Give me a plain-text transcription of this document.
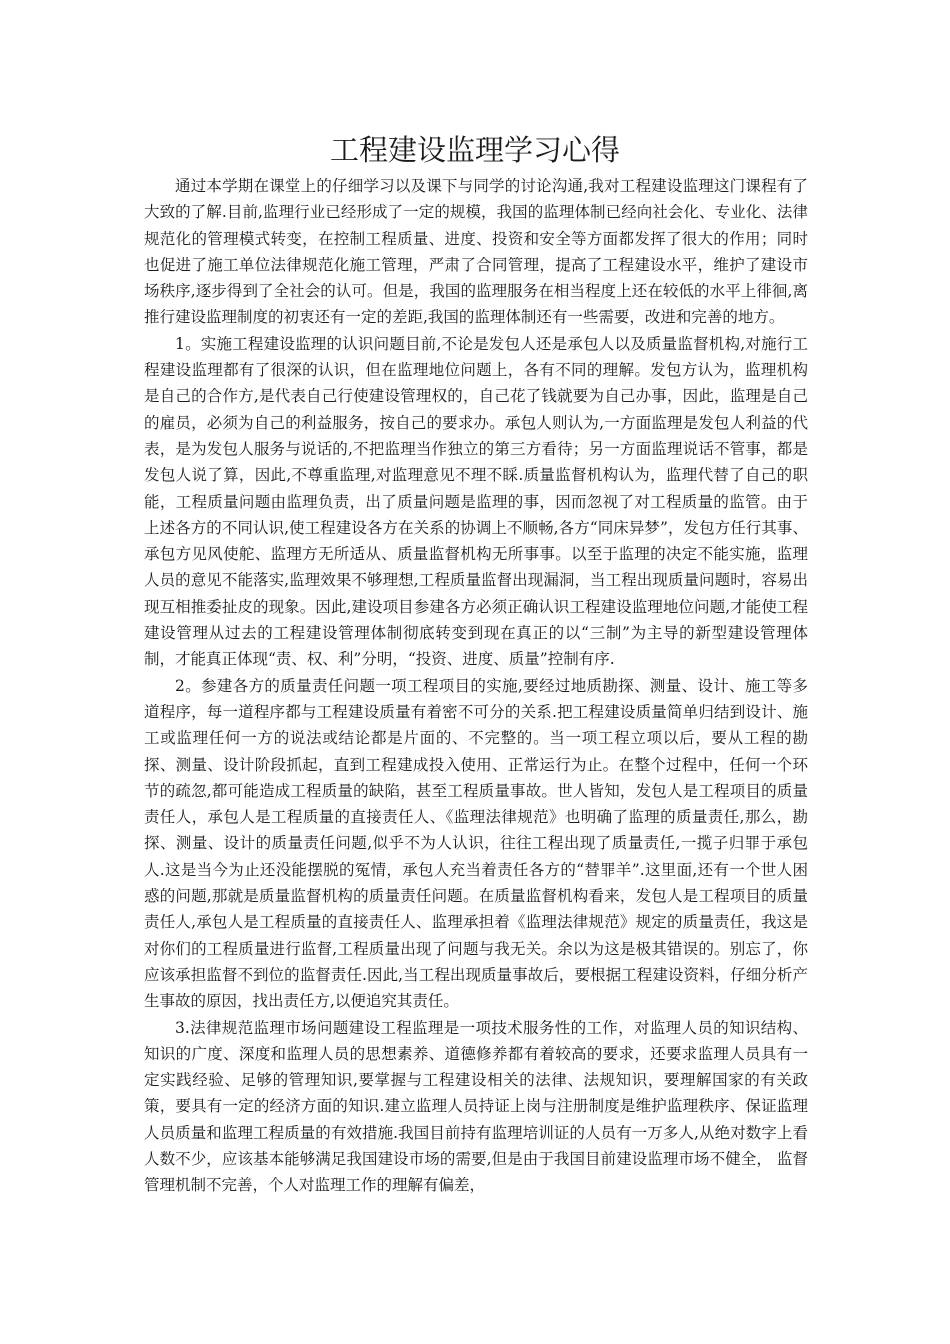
工程建设监理学习心得

通过本学期在课堂上的仔细学习以及课下与同学的讨论沟通,我对工程建设监理这门课程有了大致的了解.目前,监理行业已经形成了一定的规模，我国的监理体制已经向社会化、专业化、法律规范化的管理模式转变，在控制工程质量、进度、投资和安全等方面都发挥了很大的作用；同时也促进了施工单位法律规范化施工管理，严肃了合同管理，提高了工程建设水平，维护了建设市场秩序,逐步得到了全社会的认可。但是，我国的监理服务在相当程度上还在较低的水平上徘徊,离推行建设监理制度的初衷还有一定的差距,我国的监理体制还有一些需要，改进和完善的地方。

1。实施工程建设监理的认识问题目前,不论是发包人还是承包人以及质量监督机构,对施行工程建设监理都有了很深的认识，但在监理地位问题上，各有不同的理解。发包方认为，监理机构是自己的合作方,是代表自己行使建设管理权的，自己花了钱就要为自己办事，因此，监理是自己的雇员，必须为自己的利益服务，按自己的要求办。承包人则认为,一方面监理是发包人利益的代表，是为发包人服务与说话的,不把监理当作独立的第三方看待；另一方面监理说话不管事，都是发包人说了算，因此,不尊重监理,对监理意见不理不睬.质量监督机构认为，监理代替了自己的职能，工程质量问题由监理负责，出了质量问题是监理的事，因而忽视了对工程质量的监管。由于上述各方的不同认识,使工程建设各方在关系的协调上不顺畅,各方“同床异梦”，发包方任行其事、承包方见风使舵、监理方无所适从、质量监督机构无所事事。以至于监理的决定不能实施，监理人员的意见不能落实,监理效果不够理想,工程质量监督出现漏洞，当工程出现质量问题时，容易出现互相推委扯皮的现象。因此,建设项目参建各方必须正确认识工程建设监理地位问题,才能使工程建设管理从过去的工程建设管理体制彻底转变到现在真正的以“三制”为主导的新型建设管理体制，才能真正体现“责、权、利”分明，“投资、进度、质量”控制有序.

2。参建各方的质量责任问题一项工程项目的实施,要经过地质勘探、测量、设计、施工等多道程序，每一道程序都与工程建设质量有着密不可分的关系.把工程建设质量简单归结到设计、施工或监理任何一方的说法或结论都是片面的、不完整的。当一项工程立项以后，要从工程的勘探、测量、设计阶段抓起，直到工程建成投入使用、正常运行为止。在整个过程中，任何一个环节的疏忽,都可能造成工程质量的缺陷，甚至工程质量事故。世人皆知，发包人是工程项目的质量责任人，承包人是工程质量的直接责任人、《监理法律规范》也明确了监理的质量责任,那么，勘探、测量、设计的质量责任问题,似乎不为人认识，往往工程出现了质量责任,一揽子归罪于承包人.这是当今为止还没能摆脱的冤情，承包人充当着责任各方的“替罪羊”.这里面,还有一个世人困惑的问题,那就是质量监督机构的质量责任问题。在质量监督机构看来，发包人是工程项目的质量责任人,承包人是工程质量的直接责任人、监理承担着《监理法律规范》规定的质量责任，我这是对你们的工程质量进行监督,工程质量出现了问题与我无关。余以为这是极其错误的。别忘了，你应该承担监督不到位的监督责任.因此,当工程出现质量事故后，要根据工程建设资料，仔细分析产生事故的原因，找出责任方,以便追究其责任。

3.法律规范监理市场问题建设工程监理是一项技术服务性的工作，对监理人员的知识结构、知识的广度、深度和监理人员的思想素养、道德修养都有着较高的要求，还要求监理人员具有一定实践经验、足够的管理知识,要掌握与工程建设相关的法律、法规知识，要理解国家的有关政策，要具有一定的经济方面的知识.建立监理人员持证上岗与注册制度是维护监理秩序、保证监理人员质量和监理工程质量的有效措施.我国目前持有监理培训证的人员有一万多人,从绝对数字上看人数不少，应该基本能够满足我国建设市场的需要,但是由于我国目前建设监理市场不健全， 监督管理机制不完善，个人对监理工作的理解有偏差，
